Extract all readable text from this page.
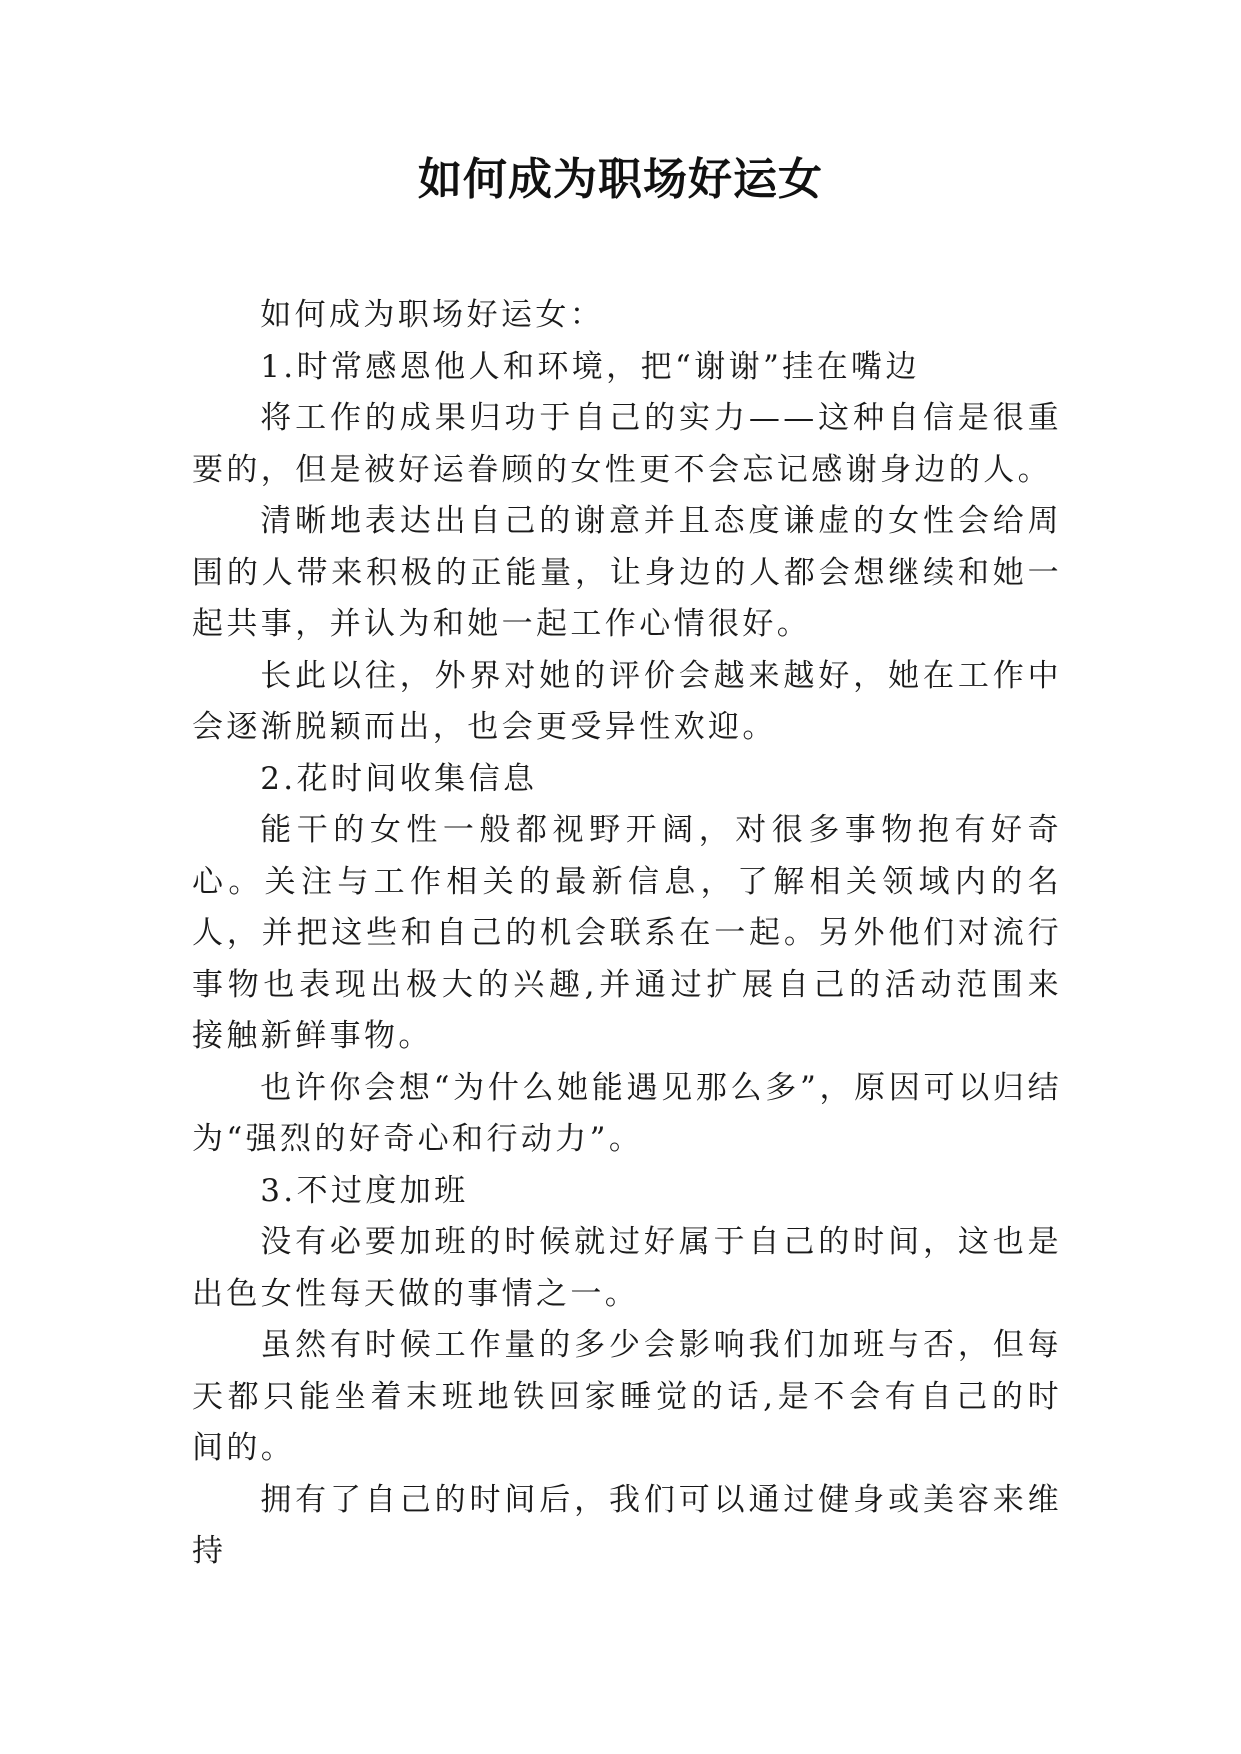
如何成为职场好运女

如何成为职场好运女：

1.时常感恩他人和环境，把“谢谢”挂在嘴边

将工作的成果归功于自己的实力——这种自信是很重要的，但是被好运眷顾的女性更不会忘记感谢身边的人。

清晰地表达出自己的谢意并且态度谦虚的女性会给周围的人带来积极的正能量，让身边的人都会想继续和她一起共事，并认为和她一起工作心情很好。

长此以往，外界对她的评价会越来越好，她在工作中会逐渐脱颖而出，也会更受异性欢迎。

2.花时间收集信息

能干的女性一般都视野开阔，对很多事物抱有好奇心。关注与工作相关的最新信息，了解相关领域内的名人，并把这些和自己的机会联系在一起。另外他们对流行事物也表现出极大的兴趣,并通过扩展自己的活动范围来接触新鲜事物。

也许你会想“为什么她能遇见那么多”，原因可以归结为“强烈的好奇心和行动力”。

3.不过度加班

没有必要加班的时候就过好属于自己的时间，这也是出色女性每天做的事情之一。

虽然有时候工作量的多少会影响我们加班与否，但每天都只能坐着末班地铁回家睡觉的话,是不会有自己的时间的。

拥有了自己的时间后，我们可以通过健身或美容来维持
